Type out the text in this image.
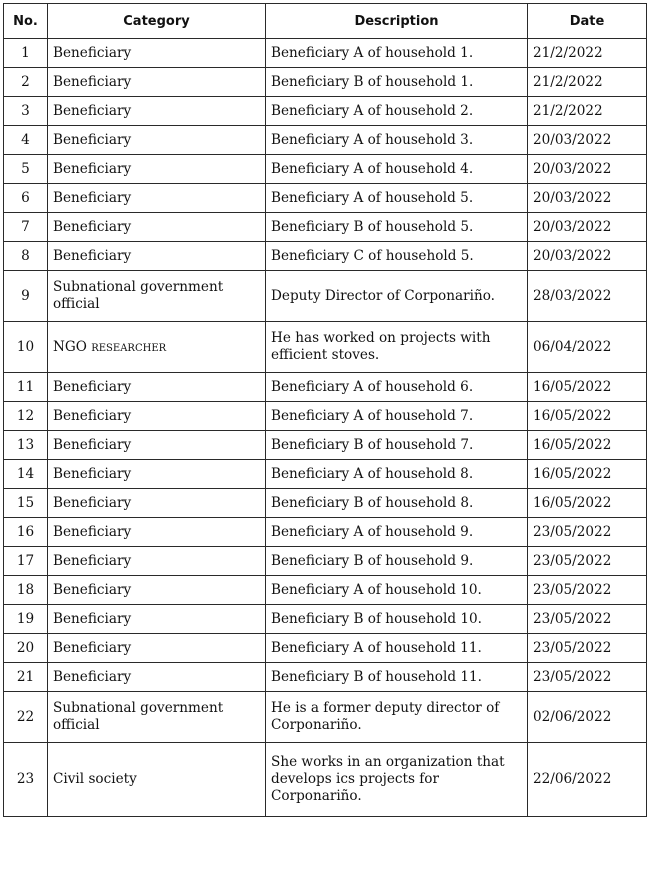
No.	Category	Description	Date
1	Beneficiary	Beneficiary A of household 1.	21/2/2022
2	Beneficiary	Beneficiary B of household 1.	21/2/2022
3	Beneficiary	Beneficiary A of household 2.	21/2/2022
4	Beneficiary	Beneficiary A of household 3.	20/03/2022
5	Beneficiary	Beneficiary A of household 4.	20/03/2022
6	Beneficiary	Beneficiary A of household 5.	20/03/2022
7	Beneficiary	Beneficiary B of household 5.	20/03/2022
8	Beneficiary	Beneficiary C of household 5.	20/03/2022
9	Subnational government official	Deputy Director of Corponariño.	28/03/2022
10	NGO researcher	He has worked on projects with efficient stoves.	06/04/2022
11	Beneficiary	Beneficiary A of household 6.	16/05/2022
12	Beneficiary	Beneficiary A of household 7.	16/05/2022
13	Beneficiary	Beneficiary B of household 7.	16/05/2022
14	Beneficiary	Beneficiary A of household 8.	16/05/2022
15	Beneficiary	Beneficiary B of household 8.	16/05/2022
16	Beneficiary	Beneficiary A of household 9.	23/05/2022
17	Beneficiary	Beneficiary B of household 9.	23/05/2022
18	Beneficiary	Beneficiary A of household 10.	23/05/2022
19	Beneficiary	Beneficiary B of household 10.	23/05/2022
20	Beneficiary	Beneficiary A of household 11.	23/05/2022
21	Beneficiary	Beneficiary B of household 11.	23/05/2022
22	Subnational government official	He is a former deputy director of Corponariño.	02/06/2022
23	Civil society	She works in an organization that develops ics projects for Corponariño.	22/06/2022
